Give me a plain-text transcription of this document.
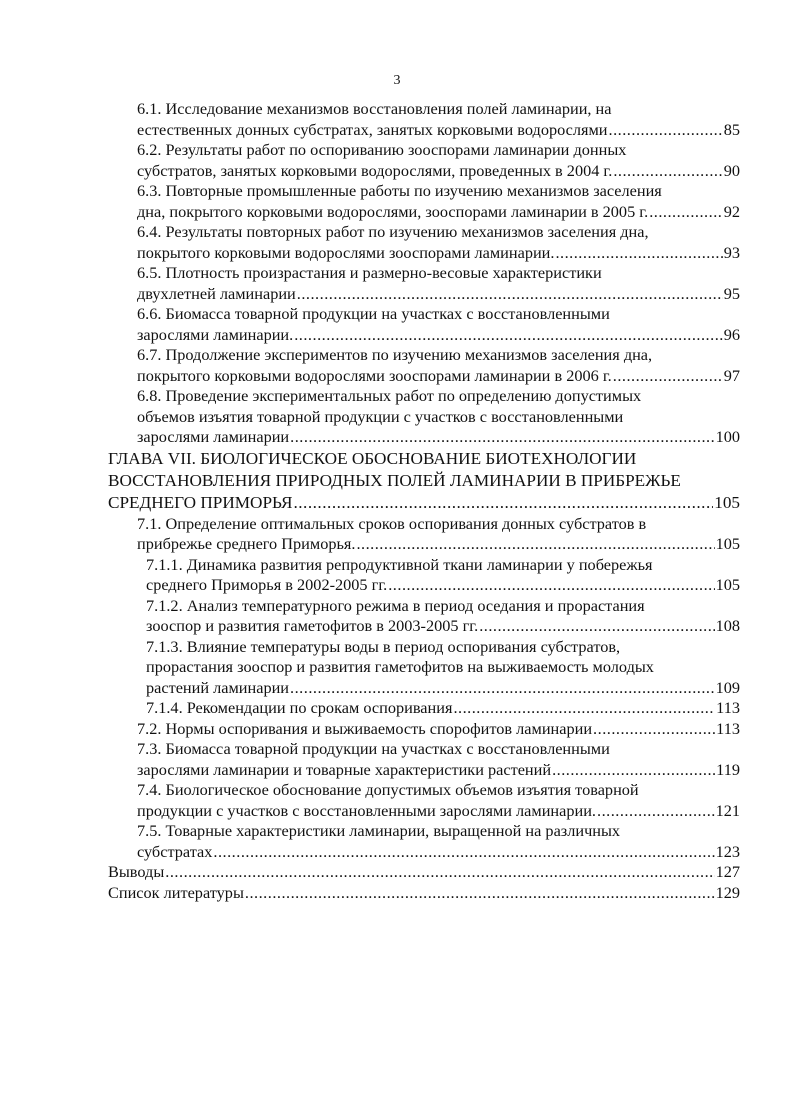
3
6.1. Исследование механизмов восстановления полей ламинарии, на
естественных донных субстратах, занятых корковыми водорослями .....	85
6.2. Результаты работ по оспориванию зооспорами ламинарии донных
субстратов, занятых корковыми водорослями, проведенных в 2004 г. .....	90
6.3. Повторные промышленные работы по изучению механизмов заселения
дна, покрытого корковыми водорослями, зооспорами ламинарии в 2005 г. .....	92
6.4. Результаты повторных работ по изучению механизмов заселения дна,
покрытого корковыми водорослями зооспорами ламинарии. .....	93
6.5. Плотность произрастания и размерно-весовые характеристики
двухлетней ламинарии .....	95
6.6. Биомасса товарной продукции на участках с восстановленными
зарослями ламинарии. .....	96
6.7. Продолжение экспериментов по изучению механизмов заселения дна,
покрытого корковыми водорослями зооспорами ламинарии в 2006 г. .....	97
6.8. Проведение экспериментальных работ по определению допустимых
объемов изъятия товарной продукции с участков с восстановленными
зарослями ламинарии .....	100
ГЛАВА VII. БИОЛОГИЧЕСКОЕ ОБОСНОВАНИЕ БИОТЕХНОЛОГИИ
ВОССТАНОВЛЕНИЯ ПРИРОДНЫХ ПОЛЕЙ ЛАМИНАРИИ В ПРИБРЕЖЬЕ
СРЕДНЕГО ПРИМОРЬЯ .....	105
7.1. Определение оптимальных сроков оспоривания донных субстратов в
прибрежье среднего Приморья. .....	105
7.1.1. Динамика развития репродуктивной ткани ламинарии у побережья
среднего Приморья в 2002-2005 гг. .....	105
7.1.2. Анализ температурного режима в период оседания и прорастания
зооспор и развития гаметофитов в 2003-2005 гг. .....	108
7.1.3. Влияние температуры воды в период оспоривания субстратов,
прорастания зооспор и развития гаметофитов на выживаемость молодых
растений ламинарии .....	109
7.1.4. Рекомендации по срокам оспоривания .....	113
7.2. Нормы оспоривания и выживаемость спорофитов ламинарии .....	113
7.3. Биомасса товарной продукции на участках с восстановленными
зарослями ламинарии и товарные характеристики растений .....	119
7.4. Биологическое обоснование допустимых объемов изъятия товарной
продукции с участков с восстановленными зарослями ламинарии. .....	121
7.5. Товарные характеристики ламинарии, выращенной на различных
субстратах .....	123
Выводы .....	127
Список литературы .....	129
